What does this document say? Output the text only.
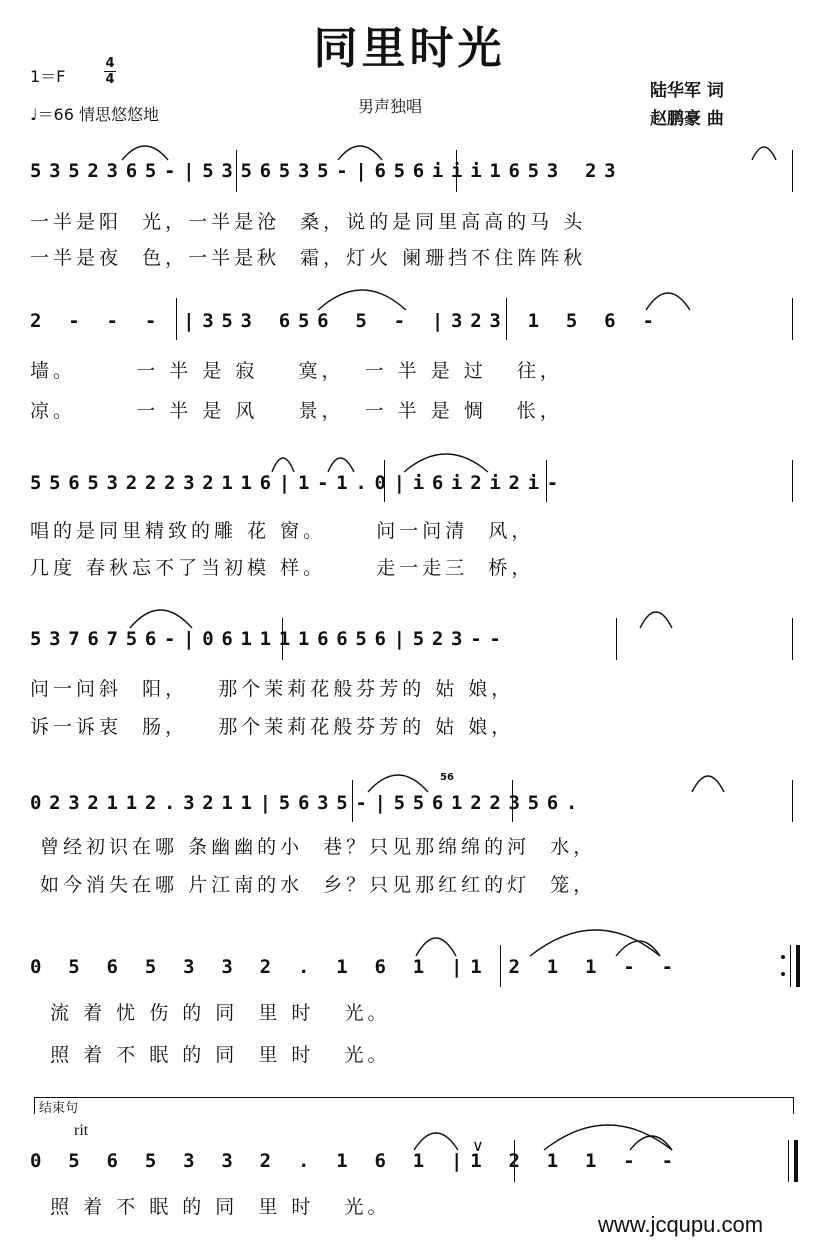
同里时光
1＝F
4
4
♩＝66 情思悠悠地	男声独唱
陆华军 词
赵鹏豪 曲
5352365-|5356535-|656iii1653 23
一半是阳  光，一半是沧  桑，说的是同里高高的马 头
一半是夜  色，一半是秋  霜，灯火 阑珊挡不住阵阵秋
2 - - - |353 656 5 - |323 1 5 6 -
墙。      一 半 是 寂    寞，  一 半 是 过   往，
凉。      一 半 是 风    景，  一 半 是 惆   怅，
5565322232116|1-1.0|i6i2i2i-
唱的是同里精致的雕 花 窗。     问一问清  风，
几度 春秋忘不了当初模 样。     走一走三  桥，
5376756-|0611116656|523--
问一问斜  阳，   那个茉莉花般芬芳的 姑 娘，
诉一诉衷  肠，   那个茉莉花般芬芳的 姑 娘，
0232112.3211|5635-|556122356.
56
曾经初识在哪 条幽幽的小  巷？只见那绵绵的河  水，
如今消失在哪 片江南的水  乡？只见那红红的灯  笼，
0 5 6 5 3 3 2 . 1 6 1 |1 2 1 1 - -
流 着 忧 伤 的 同  里 时   光。
照 着 不 眠 的 同  里 时   光。
结束句
rit
0 5 6 5 3 3 2 . 1 6 1 |1 2 1 1 - -
∨
照 着 不 眠 的 同  里 时   光。
www.jcqupu.com
